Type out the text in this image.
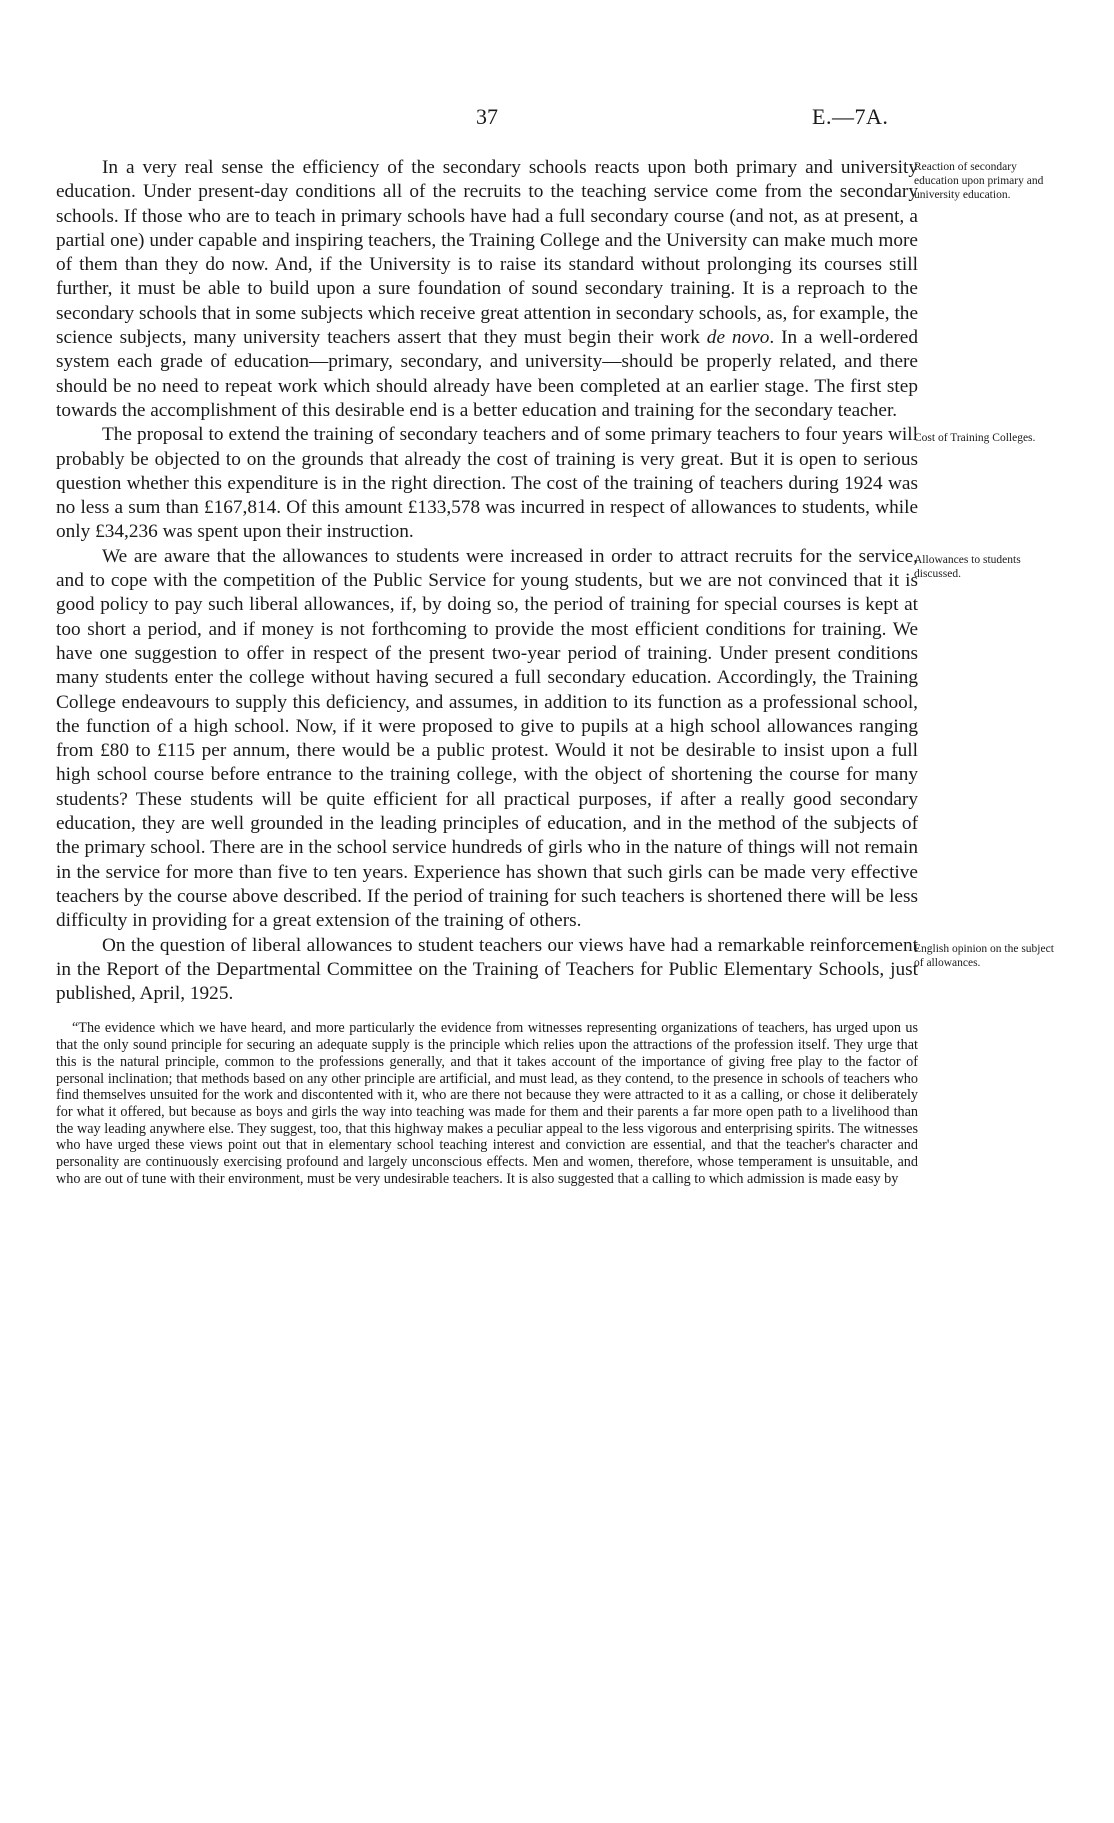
37	E.—7A.

In a very real sense the efficiency of the secondary schools reacts upon both primary and university education. Under present-day conditions all of the recruits to the teaching service come from the secondary schools. If those who are to teach in primary schools have had a full secondary course (and not, as at present, a partial one) under capable and inspiring teachers, the Training College and the University can make much more of them than they do now. And, if the University is to raise its standard without prolonging its courses still further, it must be able to build upon a sure foundation of sound secondary training. It is a reproach to the secondary schools that in some subjects which receive great attention in secondary schools, as, for example, the science subjects, many university teachers assert that they must begin their work de novo. In a well-ordered system each grade of education—primary, secondary, and university—should be properly related, and there should be no need to repeat work which should already have been completed at an earlier stage. The first step towards the accomplishment of this desirable end is a better education and training for the secondary teacher.
Reaction of secondary education upon primary and university education.

The proposal to extend the training of secondary teachers and of some primary teachers to four years will probably be objected to on the grounds that already the cost of training is very great. But it is open to serious question whether this expenditure is in the right direction. The cost of the training of teachers during 1924 was no less a sum than £167,814. Of this amount £133,578 was incurred in respect of allowances to students, while only £34,236 was spent upon their instruction.
Cost of Training Colleges.

We are aware that the allowances to students were increased in order to attract recruits for the service, and to cope with the competition of the Public Service for young students, but we are not convinced that it is good policy to pay such liberal allowances, if, by doing so, the period of training for special courses is kept at too short a period, and if money is not forthcoming to provide the most efficient conditions for training. We have one suggestion to offer in respect of the present two-year period of training. Under present conditions many students enter the college without having secured a full secondary education. Accordingly, the Training College endeavours to supply this deficiency, and assumes, in addition to its function as a professional school, the function of a high school. Now, if it were proposed to give to pupils at a high school allowances ranging from £80 to £115 per annum, there would be a public protest. Would it not be desirable to insist upon a full high school course before entrance to the training college, with the object of shortening the course for many students? These students will be quite efficient for all practical purposes, if after a really good secondary education, they are well grounded in the leading principles of education, and in the method of the subjects of the primary school. There are in the school service hundreds of girls who in the nature of things will not remain in the service for more than five to ten years. Experience has shown that such girls can be made very effective teachers by the course above described. If the period of training for such teachers is shortened there will be less difficulty in providing for a great extension of the training of others.
Allowances to students discussed.

On the question of liberal allowances to student teachers our views have had a remarkable reinforcement in the Report of the Departmental Committee on the Training of Teachers for Public Elementary Schools, just published, April, 1925.
English opinion on the subject of allowances.

“The evidence which we have heard, and more particularly the evidence from witnesses representing organizations of teachers, has urged upon us that the only sound principle for securing an adequate supply is the principle which relies upon the attractions of the profession itself. They urge that this is the natural principle, common to the professions generally, and that it takes account of the importance of giving free play to the factor of personal inclination; that methods based on any other principle are artificial, and must lead, as they contend, to the presence in schools of teachers who find themselves unsuited for the work and discontented with it, who are there not because they were attracted to it as a calling, or chose it deliberately for what it offered, but because as boys and girls the way into teaching was made for them and their parents a far more open path to a livelihood than the way leading anywhere else. They suggest, too, that this highway makes a peculiar appeal to the less vigorous and enterprising spirits. The witnesses who have urged these views point out that in elementary school teaching interest and conviction are essential, and that the teacher's character and personality are continuously exercising profound and largely unconscious effects. Men and women, therefore, whose temperament is unsuitable, and who are out of tune with their environment, must be very undesirable teachers. It is also suggested that a calling to which admission is made easy by
